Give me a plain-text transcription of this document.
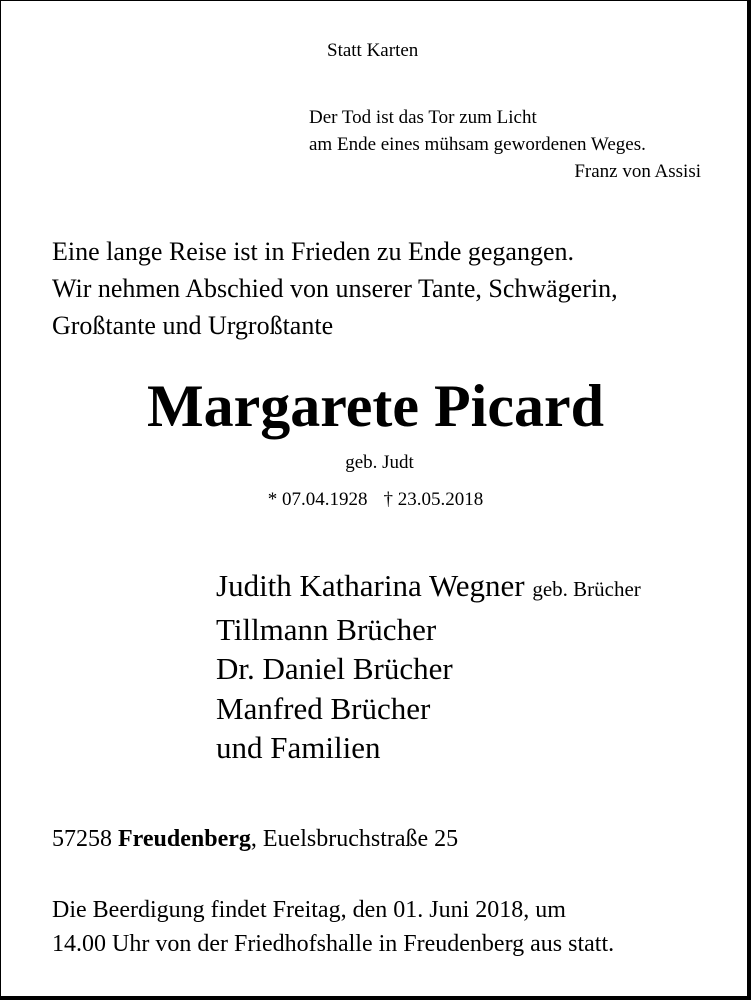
Statt Karten
Der Tod ist das Tor zum Licht
am Ende eines mühsam gewordenen Weges.
Franz von Assisi
Eine lange Reise ist in Frieden zu Ende gegangen.
Wir nehmen Abschied von unserer Tante, Schwägerin,
Großtante und Urgroßtante
Margarete Picard
geb. Judt
* 07.04.1928 † 23.05.2018
Judith Katharina Wegner geb. Brücher
Tillmann Brücher
Dr. Daniel Brücher
Manfred Brücher
und Familien
57258 Freudenberg, Euelsbruchstraße 25
Die Beerdigung findet Freitag, den 01. Juni 2018, um
14.00 Uhr von der Friedhofshalle in Freudenberg aus statt.
